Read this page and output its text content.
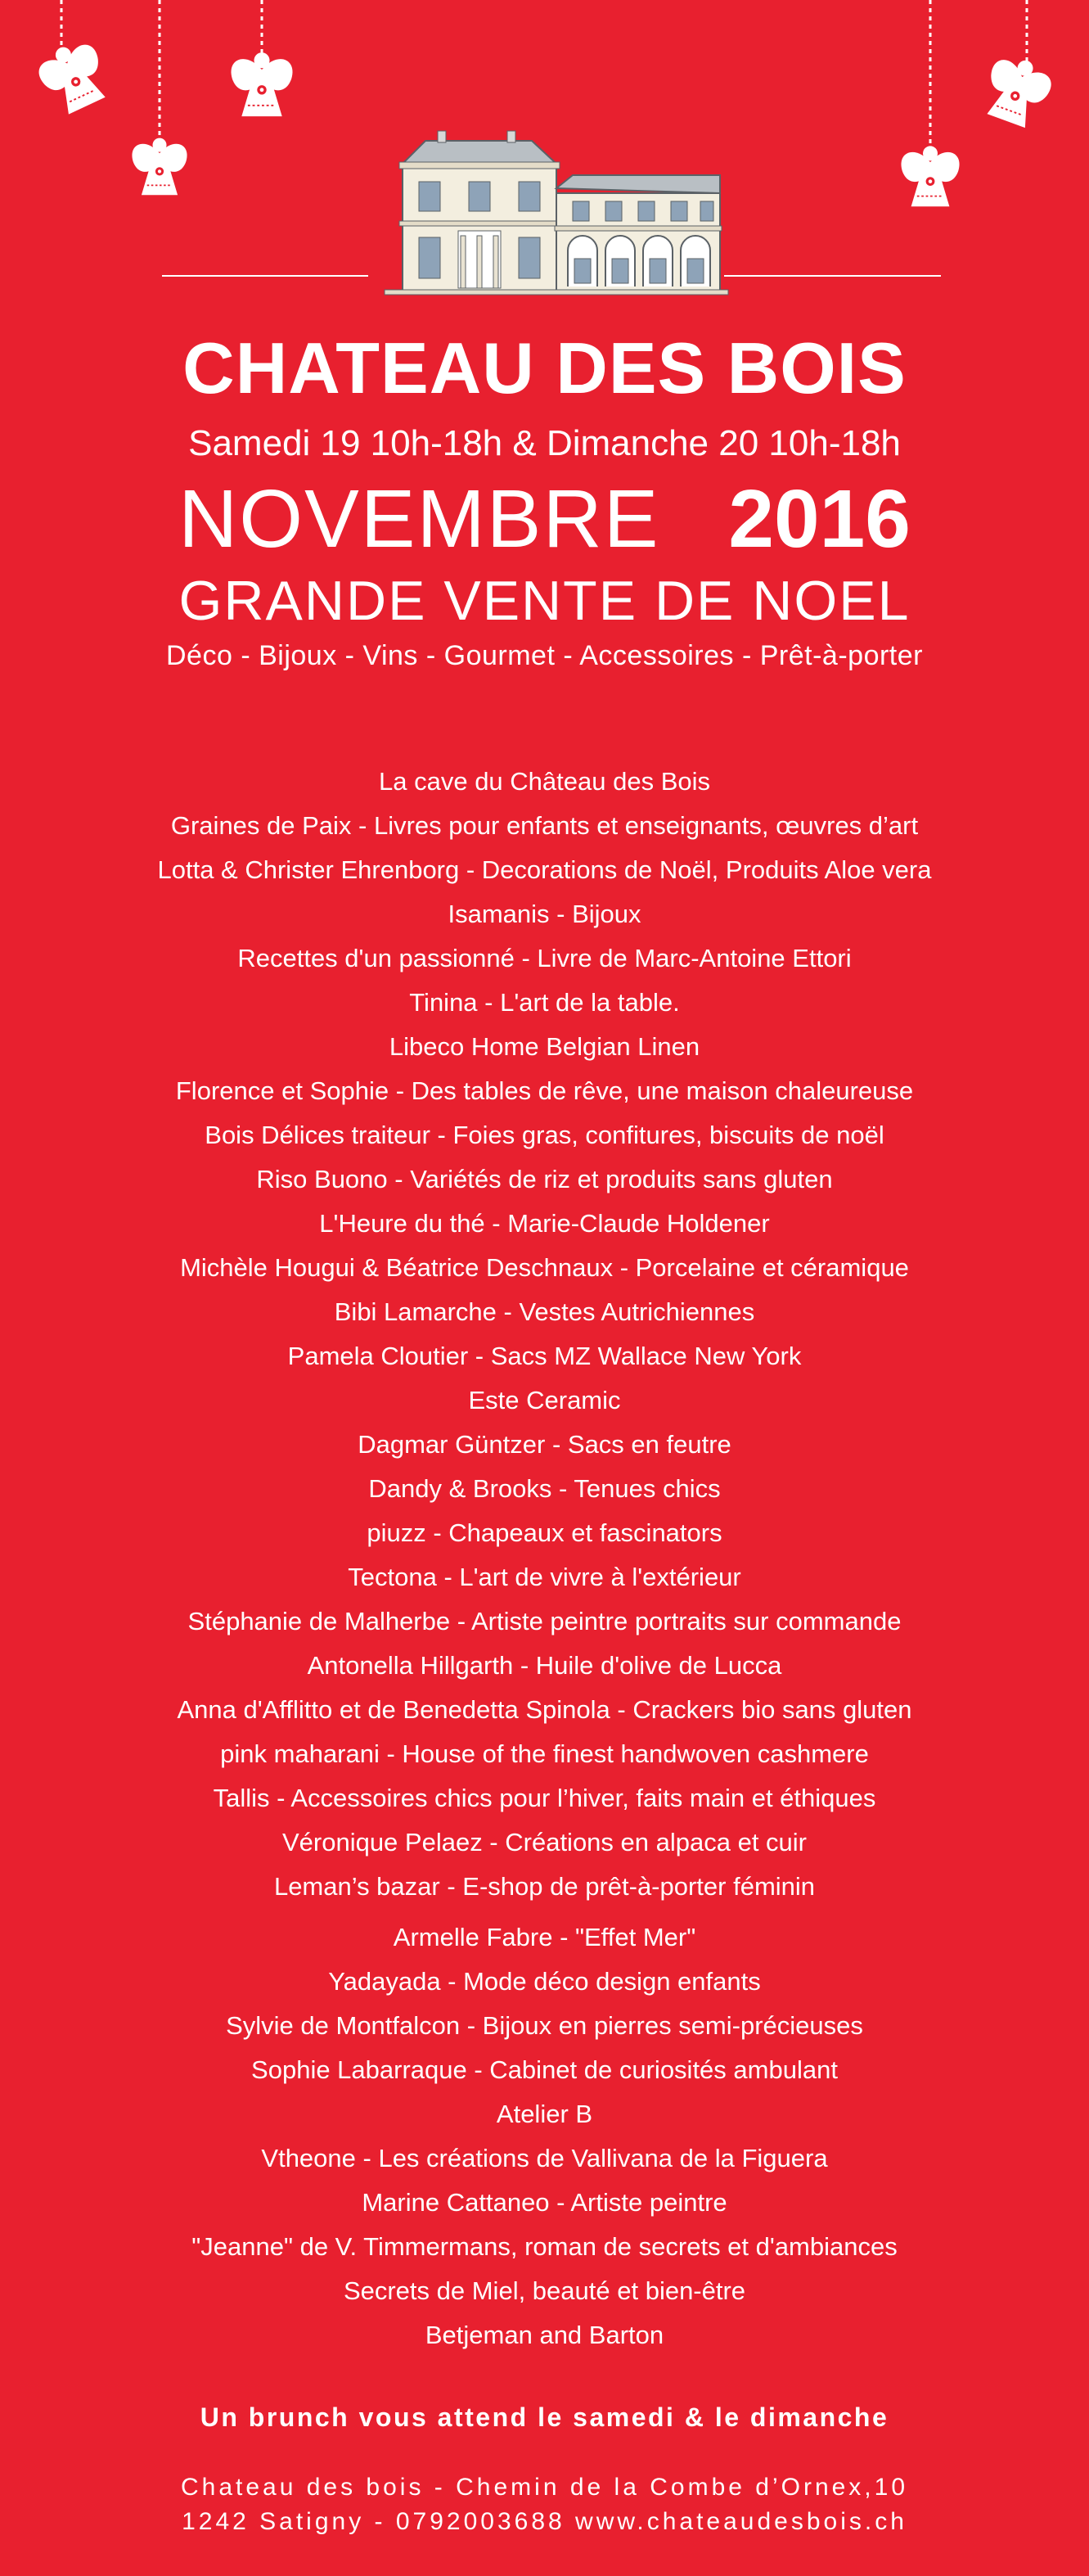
CHATEAU DES BOIS
Samedi 19 10h-18h & Dimanche 20 10h-18h
NOVEMBRE 2016
GRANDE VENTE DE NOEL
Déco - Bijoux - Vins - Gourmet - Accessoires - Prêt-à-porter
La cave du Château des Bois
Graines de Paix - Livres pour enfants et enseignants, œuvres d’art
Lotta & Christer Ehrenborg - Decorations de Noël, Produits Aloe vera
Isamanis - Bijoux
Recettes d'un passionné - Livre de Marc-Antoine Ettori
Tinina - L'art de la table.
Libeco Home Belgian Linen
Florence et Sophie - Des tables de rêve, une maison chaleureuse
Bois Délices traiteur - Foies gras, confitures, biscuits de noël
Riso Buono - Variétés de riz et produits sans gluten
L'Heure du thé - Marie-Claude Holdener
Michèle Hougui & Béatrice Deschnaux - Porcelaine et céramique
Bibi Lamarche - Vestes Autrichiennes
Pamela Cloutier - Sacs MZ Wallace New York
Este Ceramic
Dagmar Güntzer - Sacs en feutre
Dandy & Brooks - Tenues chics
piuzz - Chapeaux et fascinators
Tectona - L'art de vivre à l'extérieur
Stéphanie de Malherbe - Artiste peintre portraits sur commande
Antonella Hillgarth - Huile d'olive de Lucca
Anna d'Afflitto et de Benedetta Spinola - Crackers bio sans gluten
pink maharani - House of the finest handwoven cashmere
Tallis - Accessoires chics pour l’hiver, faits main et éthiques
Véronique Pelaez - Créations en alpaca et cuir
Leman’s bazar - E-shop de prêt-à-porter féminin
Armelle Fabre - "Effet Mer"
Yadayada - Mode déco design enfants
Sylvie de Montfalcon - Bijoux en pierres semi-précieuses
Sophie Labarraque - Cabinet de curiosités ambulant
Atelier B
Vtheone - Les créations de Vallivana de la Figuera
Marine Cattaneo - Artiste peintre
"Jeanne" de V. Timmermans, roman de secrets et d'ambiances
Secrets de Miel, beauté et bien-être
Betjeman and Barton
Un brunch vous attend le samedi & le dimanche
Chateau des bois - Chemin de la Combe d’Ornex,10
1242 Satigny - 0792003688 www.chateaudesbois.ch
